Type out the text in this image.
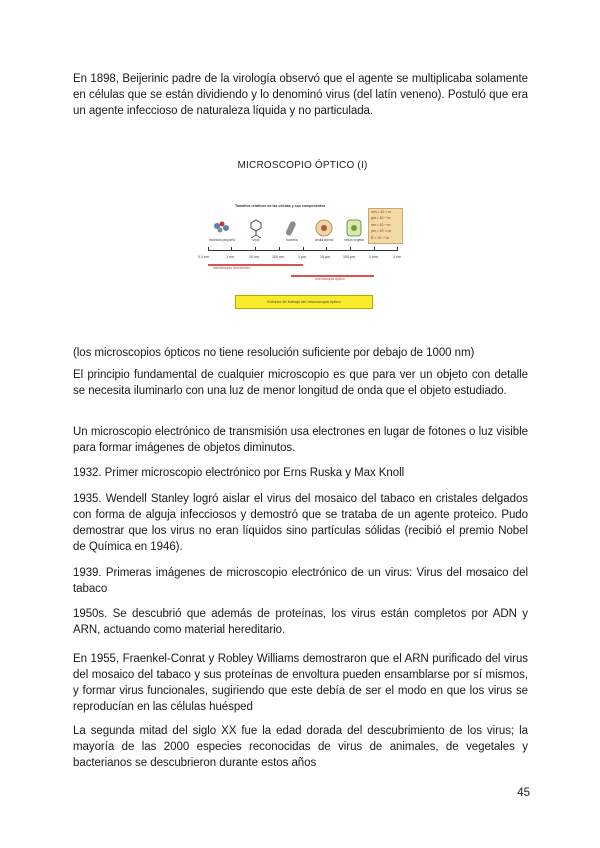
En 1898, Beijerinic padre de la virología observó que el agente se multiplicaba solamente en células que se están dividiendo y lo denominó virus (del latín veneno). Postuló que era un agente infeccioso de naturaleza líquida y no particulada.

MICROSCOPIO ÓPTICO (I)
Tamaños relativos de las células y sus componentes
molécula pequeña	virus	bacteria	célula animal	célula vegetal
mm = 10⁻³ m
µm = 10⁻⁶ m
nm = 10⁻⁹ m
pm = 10⁻¹² m
Å = 10⁻¹⁰ m
0,1 nm	1 nm	10 nm	100 nm	1 µm	10 µm	100 µm	1 mm	1 cm
microscopio electrónico
microscopio óptico
Entorno de trabajo del microscopio óptico

(los microscopios ópticos no tiene resolución suficiente por debajo de 1000 nm)

El principio fundamental de cualquier microscopio es que para ver un objeto con detalle se necesita iluminarlo con una luz de menor longitud de onda que el objeto estudiado.

Un microscopio electrónico de transmisión usa electrones en lugar de fotones o luz visible para formar imágenes de objetos diminutos.

1932. Primer microscopio electrónico por Erns Ruska y Max Knoll

1935. Wendell Stanley logró aislar el virus del mosaico del tabaco en cristales delgados con forma de alguja infecciosos y demostró que se trataba de un agente proteico. Pudo demostrar que los virus no eran líquidos sino partículas sólidas (recibió el premio Nobel de Química en 1946).

1939. Primeras imágenes de microscopio electrónico de un virus: Virus del mosaico del tabaco

1950s. Se descubrió que además de proteínas, los virus están completos por ADN y ARN, actuando como material hereditario.

En 1955, Fraenkel-Conrat y Robley Williams demostraron que el ARN purificado del virus del mosaico del tabaco y sus proteínas de envoltura pueden ensamblarse por sí mismos, y formar virus funcionales, sugiriendo que este debía de ser el modo en que los virus se reproducían en las células huésped

La segunda mitad del siglo XX fue la edad dorada del descubrimiento de los virus; la mayoría de las 2000 especies reconocidas de virus de animales, de vegetales y bacterianos se descubrieron durante estos años

45
